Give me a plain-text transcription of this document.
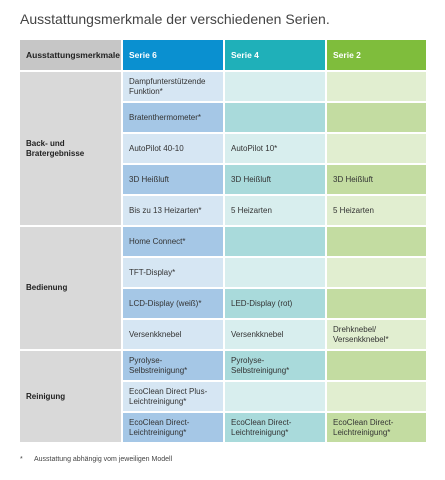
Ausstattungsmerkmale der verschiedenen Serien.
Ausstattungsmerkmale	Serie 6	Serie 4	Serie 2
Back- und Bratergebnisse	Dampfunterstützende Funktion*		
	Bratenthermometer*		
	AutoPilot 40-10	AutoPilot 10*	
	3D Heißluft	3D Heißluft	3D Heißluft
	Bis zu 13 Heizarten*	5 Heizarten	5 Heizarten
Bedienung	Home Connect*		
	TFT-Display*		
	LCD-Display (weiß)*	LED-Display (rot)	
	Versenkknebel	Versenkknebel	Drehknebel/ Versenkknebel*
Reinigung	Pyrolyse-Selbstreinigung*	Pyrolyse-Selbstreinigung*	
	EcoClean Direct Plus-Leichtreinigung*		
	EcoClean Direct-Leichtreinigung*	EcoClean Direct-Leichtreinigung*	EcoClean Direct-Leichtreinigung*
* Ausstattung abhängig vom jeweiligen Modell
